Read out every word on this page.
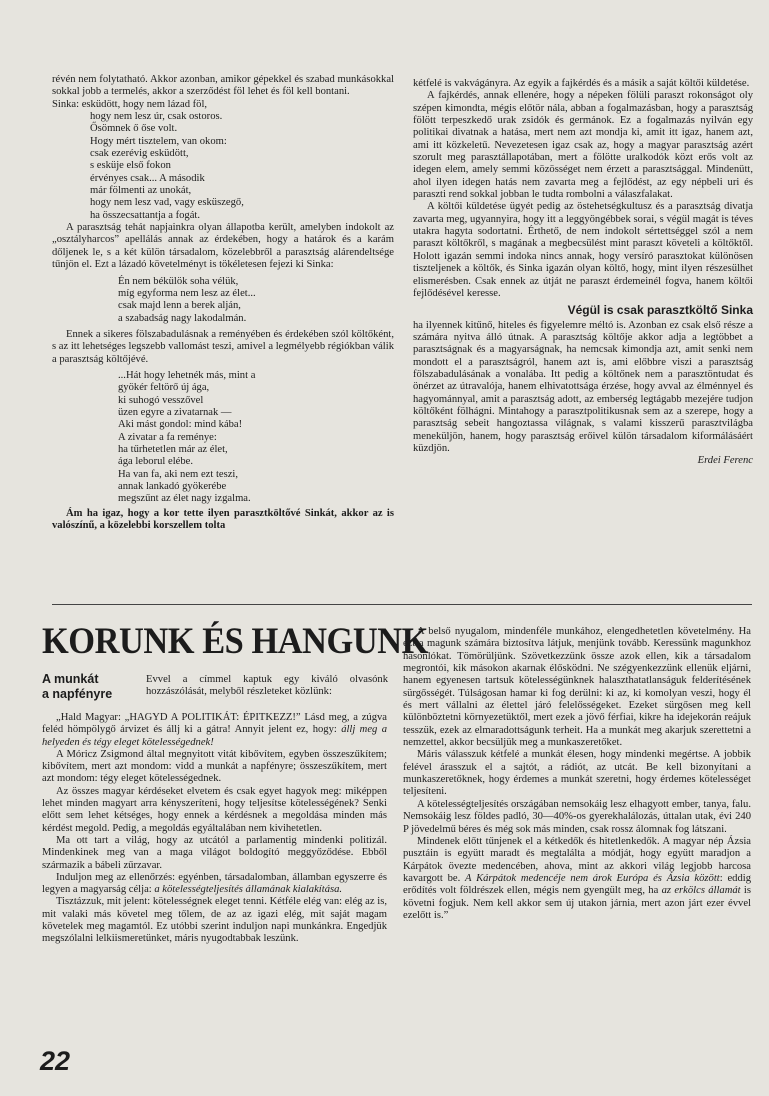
révén nem folytatható. Akkor azonban, amikor gépekkel és szabad munkásokkal sokkal jobb a termelés, akkor a szerződést föl lehet és föl kell bontani.

Sinka: esküdött, hogy nem lázad föl,
hogy nem lesz úr, csak ostoros.
Ősömnek ő őse volt.
Hogy mért tisztelem, van okom:
csak ezerévig esküdött,
s esküje első fokon
érvényes csak... A második
már fölmenti az unokát,
hogy nem lesz vad, vagy esküszegő,
ha összecsattantja a fogát.

A parasztság tehát napjainkra olyan állapotba került, amelyben indokolt az „osztályharcos” apellálás annak az érdekében, hogy a határok és a karám dőljenek le, s a két külön társadalom, közelebbről a parasztság alárendeltsége tűnjön el. Ezt a lázadó követelményt is tökéletesen fejezi ki Sinka:

Én nem békülök soha vélük,
míg egyforma nem lesz az élet...
csak majd lenn a berek alján,
a szabadság nagy lakodalmán.

Ennek a sikeres fölszabadulásnak a reményében és érdekében szól költőként, s az itt lehetséges legszebb vallomást teszi, amivel a legmélyebb régiókban válik a parasztság költőjévé.

...Hát hogy lehetnék más, mint a
gyökér feltörő új ága,
ki suhogó vesszővel
üzen egyre a zivatarnak —
Aki mást gondol: mind kába!
A zivatar a fa reménye:
ha tűrhetetlen már az élet,
ága leborul elébe.
Ha van fa, aki nem ezt teszi,
annak lankadó gyökerébe
megszűnt az élet nagy izgalma.

Ám ha igaz, hogy a kor tette ilyen parasztköltővé Sinkát, akkor az is valószínű, a közelebbi korszellem tolta

kétfelé is vakvágányra. Az egyik a fajkérdés és a másik a saját költői küldetése.

A fajkérdés, annak ellenére, hogy a népeken fölüli paraszt rokonságot oly szépen kimondta, mégis előtör nála, abban a fogalmazásban, hogy a parasztság fölött terpeszkedő urak zsidók és germánok. Ez a fogalmazás nyilván egy politikai divatnak a hatása, mert nem azt mondja ki, amit itt igaz, hanem azt, ami itt közkeletű. Nevezetesen igaz csak az, hogy a magyar parasztság azért szorult meg parasztállapotában, mert a fölötte uralkodók közt erős volt az idegen elem, amely semmi közösséget nem érzett a parasztsággal. Mindenütt, ahol ilyen idegen hatás nem zavarta meg a fejlődést, az egy népbeli uri és paraszti rend sokkal jobban le tudta rombolni a válaszfalakat.

A költői küldetése ügyét pedig az östehetségkultusz és a parasztság divatja zavarta meg, ugyannyira, hogy itt a leggyöngébbek sorai, s végül magát is téves utakra hagyta sodortatni. Érthető, de nem indokolt sértettséggel szól a nem paraszt költőkről, s magának a megbecsülést mint paraszt követeli a költőktől. Holott igazán semmi indoka nincs annak, hogy versíró parasztokat különösen tiszteljenek a költők, és Sinka igazán olyan költő, hogy, mint ilyen részesülhet elismerésben. Csak ennek az útját ne paraszt érdemeinél fogva, hanem költői fejlődésével keresse.

Végül is csak parasztköltő Sinka

ha ilyennek kitűnő, hiteles és figyelemre méltó is. Azonban ez csak első része a számára nyitva álló útnak. A parasztság költője akkor adja a legtöbbet a parasztságnak és a magyarságnak, ha nemcsak kimondja azt, amit senki nem mondott el a parasztságról, hanem azt is, ami előbbre viszi a parasztság fölszabadulásának a vonalába. Itt pedig a költőnek nem a parasztöntudat és önérzet az útravalója, hanem elhivatottsága érzése, hogy avval az élménnyel és hagyománnyal, amit a parasztság adott, az emberség legtágabb mezejére tudjon költőként fölhágni. Mintahogy a parasztpolitikusnak sem az a szerepe, hogy a parasztság sebeit hangoztassa világnak, s valami kisszerű parasztvilágba meneküljön, hanem, hogy parasztság erőivel külön társadalom kiformálásáért küzdjön.

Erdei Ferenc

KORUNK ÉS HANGUNK
A munkát
a napfényre
Evvel a címmel kaptuk egy kiváló olvasónk hozzászólását, melyből részleteket közlünk:

„Hald Magyar: „HAGYD A POLITIKÁT: ÉPITKEZZ!” Lásd meg, a zúgva feléd hömpölygő árvizet és állj ki a gátra! Annyit jelent ez, hogy: állj meg a helyeden és tégy eleget kötelességednek!

A Móricz Zsigmond által megnyitott vitát kibővítem, egyben összeszűkítem; kibővítem, mert azt mondom: vidd a munkát a napfényre; összeszűkítem, mert azt mondom: tégy eleget kötelességednek.

Az összes magyar kérdéseket elvetem és csak egyet hagyok meg: miképpen lehet minden magyart arra kényszeríteni, hogy teljesítse kötelességének? Senki előtt sem lehet kétséges, hogy ennek a kérdésnek a megoldása minden más kérdést megold. Pedig, a megoldás egyáltalában nem kivihetetlen.

Ma ott tart a világ, hogy az utcától a parlamentig mindenki politizál. Mindenkinek meg van a maga világot boldogító meggyőződése. Ebből származik a bábeli zűrzavar.

Induljon meg az ellenőrzés: egyénben, társadalomban, államban egyszerre és legyen a magyarság célja: a kötelességteljesítés államának kialakítása.

Tisztázzuk, mit jelent: kötelességnek eleget tenni. Kétféle elég van: elég az is, mit valaki más követel meg tőlem, de az az igazi elég, mit saját magam követelek meg magamtól. Ez utóbbi szerint induljon napi munkánkra. Engedjük megszólalni lelkiismeretünket, máris nyugodtabbak leszünk.

A belső nyugalom, mindenféle munkához, elengedhetetlen követelmény. Ha ezt a magunk számára biztosítva látjuk, menjünk tovább. Keressünk magunkhoz hasonlókat. Tömörüljünk. Szövetkezzünk össze azok ellen, kik a társadalom megrontói, kik másokon akarnak élősködni. Ne szégyenkezzünk ellenük eljárni, hanem egyenesen tartsuk kötelességünknek halaszthatatlanságuk felderítésének sürgősségét. Túlságosan hamar ki fog derülni: ki az, ki komolyan veszi, hogy él és mert vállalni az élettel járó felelősségeket. Ezeket sürgősen meg kell különböztetni környezetüktől, mert ezek a jövő férfiai, kikre ha idejekorán reájuk tesszük, ezek az elmaradottságunk terheit. Ha a munkát meg akarjuk szerettetni a nemzettel, akkor becsüljük meg a munkaszeretőket.

Máris válasszuk kétfelé a munkát élesen, hogy mindenki megértse. A jobbik felével árasszuk el a sajtót, a rádiót, az utcát. Be kell bizonyítani a munkaszeretőknek, hogy érdemes a munkát szeretni, hogy érdemes kötelességet teljesíteni.

A kötelességteljesítés országában nemsokáig lesz elhagyott ember, tanya, falu. Nemsokáig lesz földes padló, 30—40%-os gyerekhalálozás, úttalan utak, évi 240 P jövedelmű béres és még sok más minden, csak rossz álomnak fog látszani.

Mindenek előtt tűnjenek el a kétkedők és hitetlenkedők. A magyar nép Ázsia pusztáin is együtt maradt és megtalálta a módját, hogy együtt maradjon a Kárpátok övezte medencében, ahova, mint az akkori világ legjobb harcosa kavargott be. A Kárpátok medencéje nem árok Európa és Ázsia között: eddig erődítés volt földrészek ellen, mégis nem gyengült meg, ha az erkölcs államát is követni fogjuk. Nem kell akkor sem új utakon járnia, mert azon járt ezer évvel ezelőtt is.”

22
